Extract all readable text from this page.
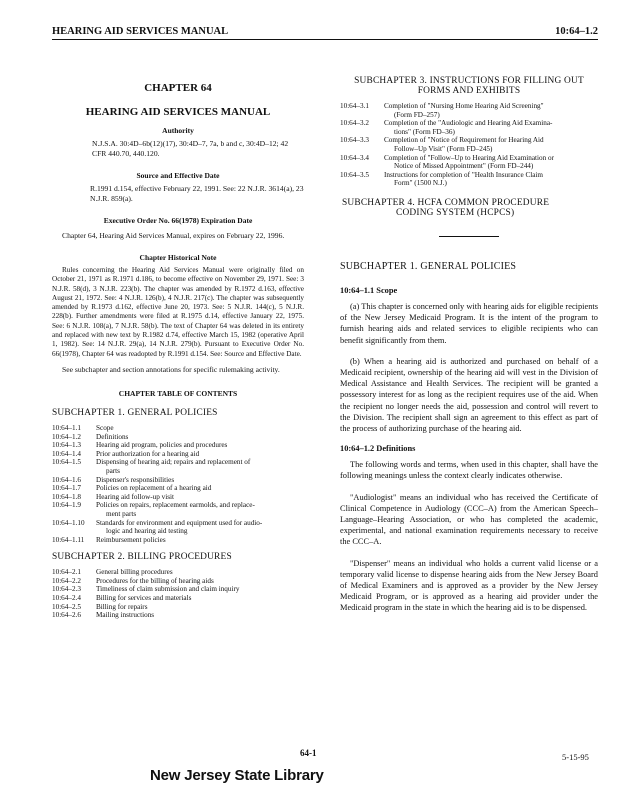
HEARING AID SERVICES MANUAL	10:64–1.2
CHAPTER 64
HEARING AID SERVICES MANUAL
Authority
N.J.S.A. 30:4D–6b(12)(17), 30:4D–7, 7a, b and c, 30:4D–12; 42 CFR 440.70, 440.120.
Source and Effective Date
R.1991 d.154, effective February 22, 1991. See: 22 N.J.R. 3614(a), 23 N.J.R. 859(a).
Executive Order No. 66(1978) Expiration Date

Chapter 64, Hearing Aid Services Manual, expires on February 22, 1996.

Chapter Historical Note

Rules concerning the Hearing Aid Services Manual were originally filed on October 21, 1971 as R.1971 d.186, to become effective on November 29, 1971. See: 3 N.J.R. 58(d), 3 N.J.R. 223(b). The chapter was amended by R.1972 d.163, effective August 21, 1972. See: 4 N.J.R. 126(b), 4 N.J.R. 217(c). The chapter was subsequently amended by R.1973 d.162, effective June 20, 1973. See: 5 N.J.R. 144(c), 5 N.J.R. 228(b). Further amendments were filed at R.1975 d.14, effective January 22, 1975. See: 6 N.J.R. 108(a), 7 N.J.R. 58(b). The text of Chapter 64 was deleted in its entirety and replaced with new text by R.1982 d.74, effective March 15, 1982 (operative April 1, 1982). See: 14 N.J.R. 29(a), 14 N.J.R. 279(b). Pursuant to Executive Order No. 66(1978), Chapter 64 was readopted by R.1991 d.154. See: Source and Effective Date.

See subchapter and section annotations for specific rulemaking activity.

CHAPTER TABLE OF CONTENTS
SUBCHAPTER 1. GENERAL POLICIES
10:64–1.1	Scope
10:64–1.2	Definitions
10:64–1.3	Hearing aid program, policies and procedures
10:64–1.4	Prior authorization for a hearing aid
10:64–1.5	Dispensing of hearing aid; repairs and replacement of
parts
10:64–1.6	Dispenser's responsibilities
10:64–1.7	Policies on replacement of a hearing aid
10:64–1.8	Hearing aid follow-up visit
10:64–1.9	Policies on repairs, replacement earmolds, and replace-
ment parts
10:64–1.10	Standards for environment and equipment used for audio-
logic and hearing aid testing
10:64–1.11	Reimbursement policies
SUBCHAPTER 2. BILLING PROCEDURES
10:64–2.1	General billing procedures
10:64–2.2	Procedures for the billing of hearing aids
10:64–2.3	Timeliness of claim submission and claim inquiry
10:64–2.4	Billing for services and materials
10:64–2.5	Billing for repairs
10:64–2.6	Mailing instructions
SUBCHAPTER 3. INSTRUCTIONS FOR FILLING OUT
FORMS AND EXHIBITS
10:64–3.1	Completion of "Nursing Home Hearing Aid Screening"
(Form FD–257)
10:64–3.2	Completion of the "Audiologic and Hearing Aid Examina-
tions" (Form FD–36)
10:64–3.3	Completion of "Notice of Requirement for Hearing Aid
Follow–Up Visit" (Form FD–245)
10:64–3.4	Completion of "Follow–Up to Hearing Aid Examination or
Notice of Missed Appointment" (Form FD–244)
10:64–3.5	Instructions for completion of "Health Insurance Claim
Form" (1500 N.J.)
SUBCHAPTER 4. HCFA COMMON PROCEDURE
CODING SYSTEM (HCPCS)
SUBCHAPTER 1. GENERAL POLICIES
10:64–1.1 Scope

(a) This chapter is concerned only with hearing aids for eligible recipients of the New Jersey Medicaid Program. It is the intent of the program to furnish hearing aids and related services to eligible recipients who can benefit significantly from them.

(b) When a hearing aid is authorized and purchased on behalf of a Medicaid recipient, ownership of the hearing aid will vest in the Division of Medical Assistance and Health Services. The recipient will be granted a possessory interest for as long as the recipient requires use of the aid. When the recipient no longer needs the aid, possession and control will revert to the Division. The recipient shall sign an agreement to this effect as part of the process of authorizing purchase of the hearing aid.

10:64–1.2 Definitions

The following words and terms, when used in this chapter, shall have the following meanings unless the context clearly indicates otherwise.

"Audiologist" means an individual who has received the Certificate of Clinical Competence in Audiology (CCC–A) from the American Speech–Language–Hearing Association, or who has completed the academic, experimental, and national examination requirements necessary to receive the CCC–A.

"Dispenser" means an individual who holds a current valid license or a temporary valid license to dispense hearing aids from the New Jersey Board of Medical Examiners and is approved as a provider by the New Jersey Medicaid Program, or is approved as a hearing aid provider under the Medicaid program in the state in which the hearing aid is to be dispensed.

64-1	5-15-95
New Jersey State Library
